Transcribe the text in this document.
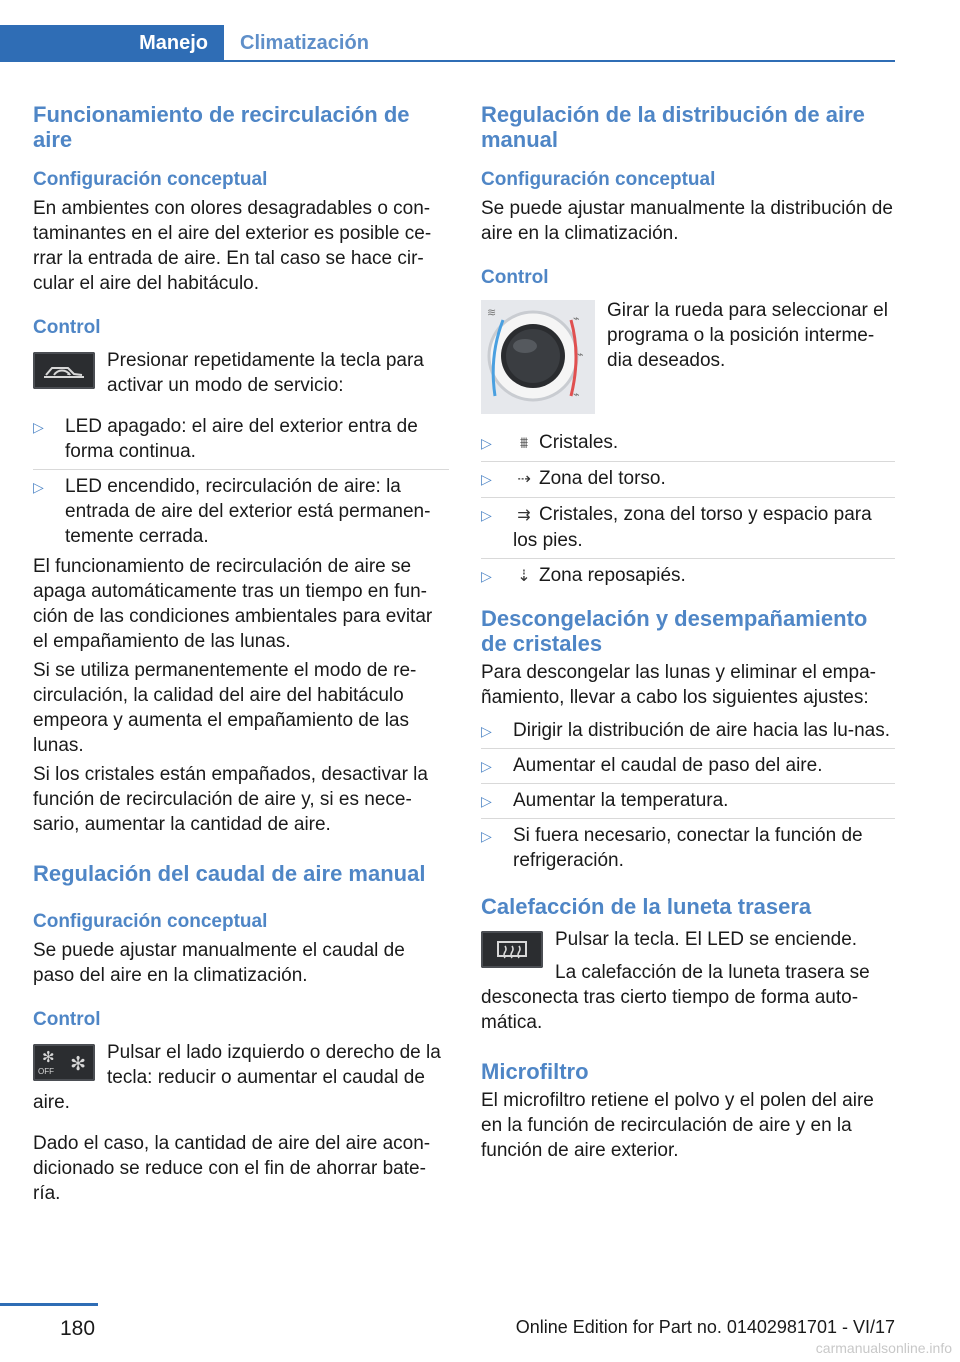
Manejo	Climatización
Funcionamiento de recirculación de aire
Configuración conceptual

En ambientes con olores desagradables o con‐taminantes en el aire del exterior es posible ce‐rrar la entrada de aire. En tal caso se hace cir‐cular el aire del habitáculo.

Control

Presionar repetidamente la tecla para activar un modo de servicio:

▷ LED apagado: el aire del exterior entra de forma continua.
▷ LED encendido, recirculación de aire: la entrada de aire del exterior está permanen‐temente cerrada.

El funcionamiento de recirculación de aire se apaga automáticamente tras un tiempo en fun‐ción de las condiciones ambientales para evitar el empañamiento de las lunas.

Si se utiliza permanentemente el modo de re‐circulación, la calidad del aire del habitáculo empeora y aumenta el empañamiento de las lunas.

Si los cristales están empañados, desactivar la función de recirculación de aire y, si es nece‐sario, aumentar la cantidad de aire.

Regulación del caudal de aire manual
Configuración conceptual

Se puede ajustar manualmente el caudal de paso del aire en la climatización.

Control
✻
OFF ✻

Pulsar el lado izquierdo o derecho de la tecla: reducir o aumentar el caudal de aire.

Dado el caso, la cantidad de aire del aire acon‐dicionado se reduce con el fin de ahorrar bate‐ría.

Regulación de la distribución de aire manual
Configuración conceptual

Se puede ajustar manualmente la distribución de aire en la climatización.

Control
⌁
⌁
⌁
≋	Girar la rueda para seleccionar el programa o la posición interme‐dia deseados.

▷ ⩩ Cristales.
▷ ⇢ Zona del torso.
▷ ⇉ Cristales, zona del torso y espacio para los pies.
▷ ⇣ Zona reposapiés.
Descongelación y desempañamiento de cristales

Para descongelar las lunas y eliminar el empa‐ñamiento, llevar a cabo los siguientes ajustes:

▷ Dirigir la distribución de aire hacia las lu‐nas.
▷ Aumentar el caudal de paso del aire.
▷ Aumentar la temperatura.
▷ Si fuera necesario, conectar la función de refrigeración.
Calefacción de la luneta trasera

Pulsar la tecla. El LED se enciende.

La calefacción de la luneta trasera se desconecta tras cierto tiempo de forma auto‐mática.

Microfiltro

El microfiltro retiene el polvo y el polen del aire en la función de recirculación de aire y en la función de aire exterior.

180	Online Edition for Part no. 01402981701 - VI/17
carmanualsonline.info
